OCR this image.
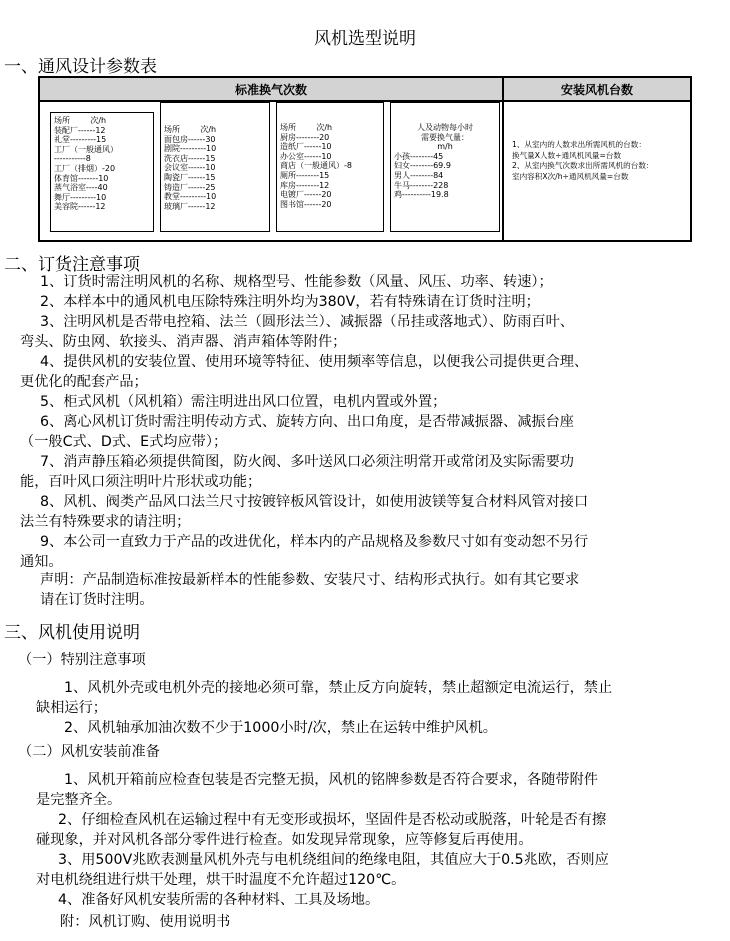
风机选型说明
一、通风设计参数表
标准换气次数	安装风机台数
场所        次/h
装配厂------12
礼堂---------15
工厂（一般通风）
-----------8
工厂（排烟）-20
体育馆-------10
蒸气浴室----40
舞厅---------10
美容院------12
场所        次/h
面包房------30
剧院---------10
洗衣店------15
会议室------10
陶瓷厂------15
铸造厂------25
教堂---------10
玻璃厂------12
场所        次/h
厨房--------20
造纸厂------10
办公室------10
商店（一般通风）-8
厕所--------15
库房--------12
电镀厂------20
图书馆------20
人及动物每小时
需要换气量：
m/h
小孩--------45
妇女--------69.9
男人--------84
牛马--------228
鸡----------19.8
1、从室内的人数求出所需风机的台数：
换气量X人数÷通风机风量=台数
2、从室内换气次数求出所需风机的台数：
室内容积X次/h÷通风机风量=台数
二、订货注意事项
1、订货时需注明风机的名称、规格型号、性能参数（风量、风压、功率、转速）；
2、本样本中的通风机电压除特殊注明外均为380V，若有特殊请在订货时注明；
3、注明风机是否带电控箱、法兰（圆形法兰）、减振器（吊挂或落地式）、防雨百叶、
弯头、防虫网、软接头、消声器、消声箱体等附件；
4、提供风机的安装位置、使用环境等特征、使用频率等信息，以便我公司提供更合理、
更优化的配套产品；
5、柜式风机（风机箱）需注明进出风口位置，电机内置或外置；
6、离心风机订货时需注明传动方式、旋转方向、出口角度，是否带减振器、减振台座
（一般C式、D式、E式均应带）；
7、消声静压箱必须提供简图，防火阀、多叶送风口必须注明常开或常闭及实际需要功
能，百叶风口须注明叶片形状或功能；
8、风机、阀类产品风口法兰尺寸按镀锌板风管设计，如使用波镁等复合材料风管对接口
法兰有特殊要求的请注明；
9、本公司一直致力于产品的改进优化，样本内的产品规格及参数尺寸如有变动恕不另行
通知。
声明：产品制造标准按最新样本的性能参数、安装尺寸、结构形式执行。如有其它要求
请在订货时注明。
三、风机使用说明
（一）特别注意事项
1、风机外壳或电机外壳的接地必须可靠，禁止反方向旋转，禁止超额定电流运行，禁止
缺相运行；
2、风机轴承加油次数不少于1000小时/次，禁止在运转中维护风机。
（二）风机安装前准备
1、风机开箱前应检查包装是否完整无损，风机的铭牌参数是否符合要求，各随带附件
是完整齐全。
2、仔细检查风机在运输过程中有无变形或损坏，坚固件是否松动或脱落，叶轮是否有擦
碰现象，并对风机各部分零件进行检查。如发现异常现象，应等修复后再使用。
3、用500V兆欧表测量风机外壳与电机绕组间的绝缘电阻，其值应大于0.5兆欧，否则应
对电机绕组进行烘干处理，烘干时温度不允许超过120℃。
4、准备好风机安装所需的各种材料、工具及场地。
附：风机订购、使用说明书
